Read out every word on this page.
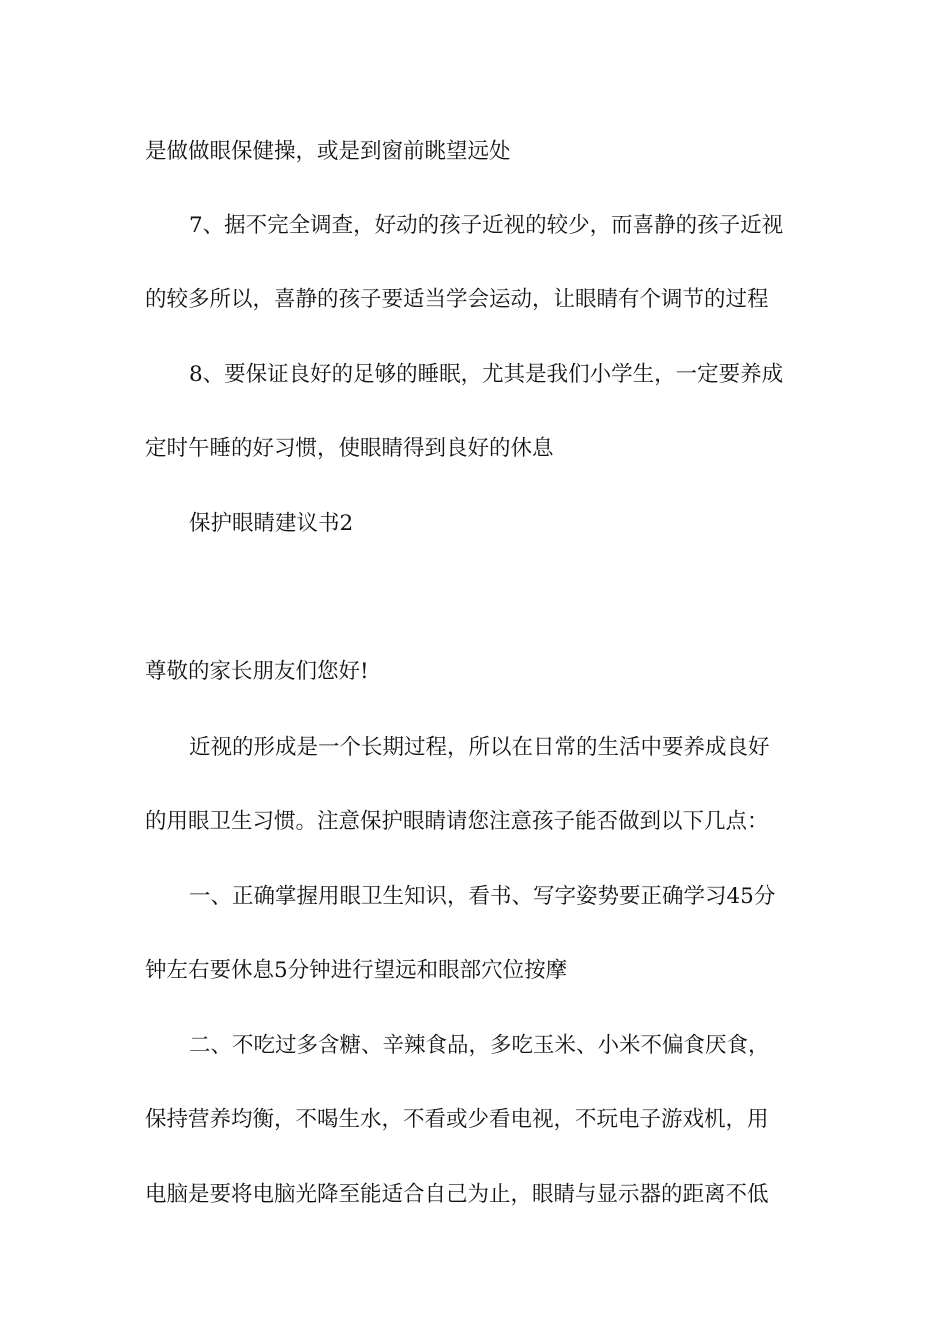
是做做眼保健操，或是到窗前眺望远处
7、据不完全调查，好动的孩子近视的较少，而喜静的孩子近视
的较多所以，喜静的孩子要适当学会运动，让眼睛有个调节的过程
8、要保证良好的足够的睡眠，尤其是我们小学生，一定要养成
定时午睡的好习惯，使眼睛得到良好的休息
保护眼睛建议书2
尊敬的家长朋友们您好!
近视的形成是一个长期过程，所以在日常的生活中要养成良好
的用眼卫生习惯。注意保护眼睛请您注意孩子能否做到以下几点：
一、正确掌握用眼卫生知识，看书、写字姿势要正确学习45分
钟左右要休息5分钟进行望远和眼部穴位按摩
二、不吃过多含糖、辛辣食品，多吃玉米、小米不偏食厌食，
保持营养均衡，不喝生水，不看或少看电视，不玩电子游戏机，用
电脑是要将电脑光降至能适合自己为止，眼睛与显示器的距离不低
